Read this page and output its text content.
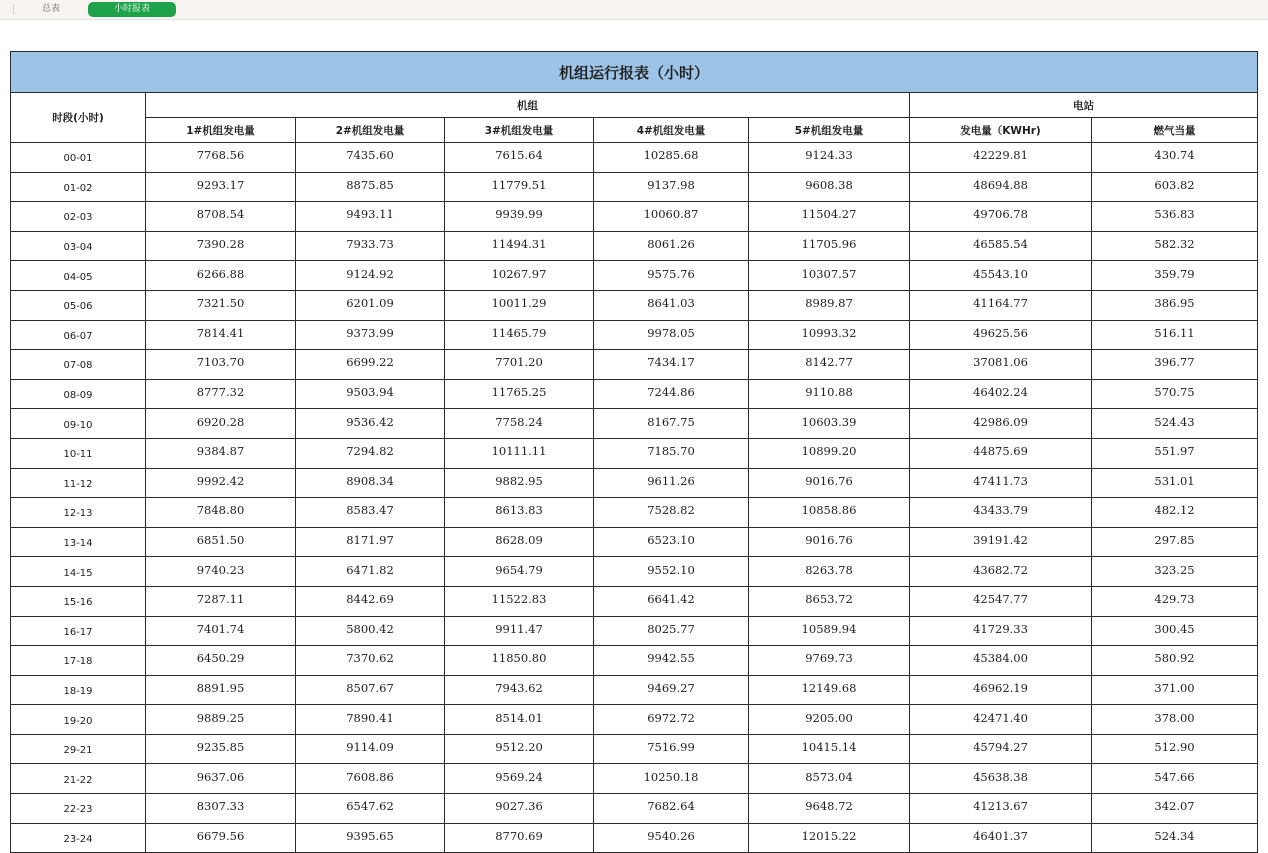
总表	小时报表
机组运行报表（小时）							
时段(小时)	机组					电站	
	1#机组发电量	2#机组发电量	3#机组发电量	4#机组发电量	5#机组发电量	发电量（KWHr)	燃气当量
00-01	7768.56	7435.60	7615.64	10285.68	9124.33	42229.81	430.74
01-02	9293.17	8875.85	11779.51	9137.98	9608.38	48694.88	603.82
02-03	8708.54	9493.11	9939.99	10060.87	11504.27	49706.78	536.83
03-04	7390.28	7933.73	11494.31	8061.26	11705.96	46585.54	582.32
04-05	6266.88	9124.92	10267.97	9575.76	10307.57	45543.10	359.79
05-06	7321.50	6201.09	10011.29	8641.03	8989.87	41164.77	386.95
06-07	7814.41	9373.99	11465.79	9978.05	10993.32	49625.56	516.11
07-08	7103.70	6699.22	7701.20	7434.17	8142.77	37081.06	396.77
08-09	8777.32	9503.94	11765.25	7244.86	9110.88	46402.24	570.75
09-10	6920.28	9536.42	7758.24	8167.75	10603.39	42986.09	524.43
10-11	9384.87	7294.82	10111.11	7185.70	10899.20	44875.69	551.97
11-12	9992.42	8908.34	9882.95	9611.26	9016.76	47411.73	531.01
12-13	7848.80	8583.47	8613.83	7528.82	10858.86	43433.79	482.12
13-14	6851.50	8171.97	8628.09	6523.10	9016.76	39191.42	297.85
14-15	9740.23	6471.82	9654.79	9552.10	8263.78	43682.72	323.25
15-16	7287.11	8442.69	11522.83	6641.42	8653.72	42547.77	429.73
16-17	7401.74	5800.42	9911.47	8025.77	10589.94	41729.33	300.45
17-18	6450.29	7370.62	11850.80	9942.55	9769.73	45384.00	580.92
18-19	8891.95	8507.67	7943.62	9469.27	12149.68	46962.19	371.00
19-20	9889.25	7890.41	8514.01	6972.72	9205.00	42471.40	378.00
29-21	9235.85	9114.09	9512.20	7516.99	10415.14	45794.27	512.90
21-22	9637.06	7608.86	9569.24	10250.18	8573.04	45638.38	547.66
22-23	8307.33	6547.62	9027.36	7682.64	9648.72	41213.67	342.07
23-24	6679.56	9395.65	8770.69	9540.26	12015.22	46401.37	524.34
